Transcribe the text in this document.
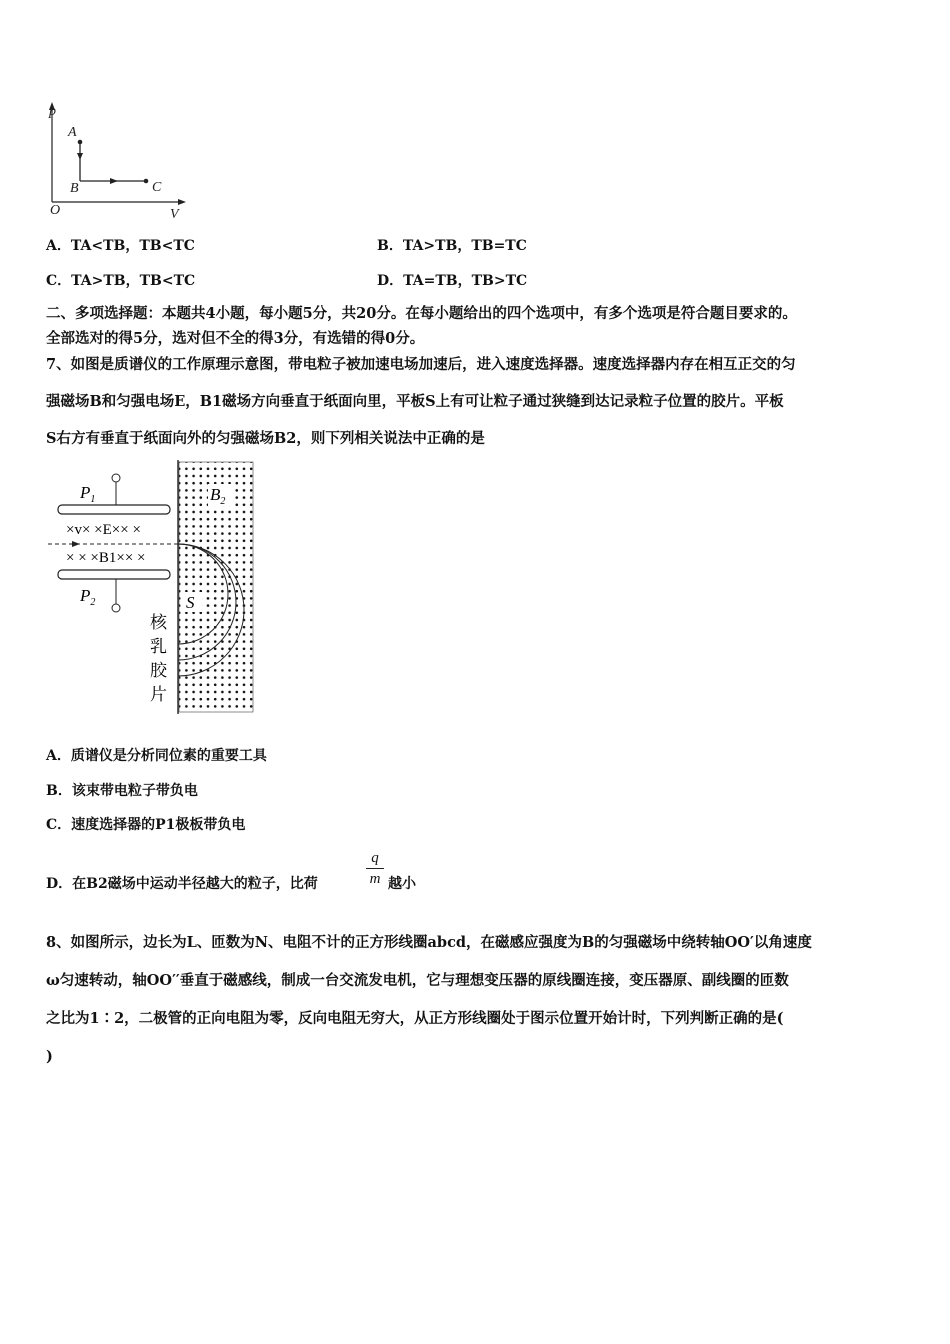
p
V
O
A
B	C
A．TA<TB，TB<TC	B．TA>TB，TB=TC
C．TA>TB，TB<TC	D．TA=TB，TB>TC
二、多项选择题：本题共4小题，每小题5分，共20分。在每小题给出的四个选项中，有多个选项是符合题目要求的。
全部选对的得5分，选对但不全的得3分，有选错的得0分。
7、如图是质谱仪的工作原理示意图，带电粒子被加速电场加速后，进入速度选择器。速度选择器内存在相互正交的匀
强磁场B和匀强电场E，B1磁场方向垂直于纸面向里，平板S上有可让粒子通过狭缝到达记录粒子位置的胶片。平板
S右方有垂直于纸面向外的匀强磁场B2，则下列相关说法中正确的是
$P_1$
$P_2$
$B_2$
S
×v× ×E×× ×
× × ×B1×× ×
核
乳
胶
片
A．质谱仪是分析同位素的重要工具
B．该束带电粒子带负电
C．速度选择器的P1极板带负电
D．在B2磁场中运动半径越大的粒子，比荷
q
m 越小
8、如图所示，边长为L、匝数为N、电阻不计的正方形线圈abcd，在磁感应强度为B的匀强磁场中绕转轴OO′以角速度
ω匀速转动，轴OO′′垂直于磁感线，制成一台交流发电机，它与理想变压器的原线圈连接，变压器原、副线圈的匝数
之比为1∶2，二极管的正向电阻为零，反向电阻无穷大，从正方形线圈处于图示位置开始计时，下列判断正确的是(
)
